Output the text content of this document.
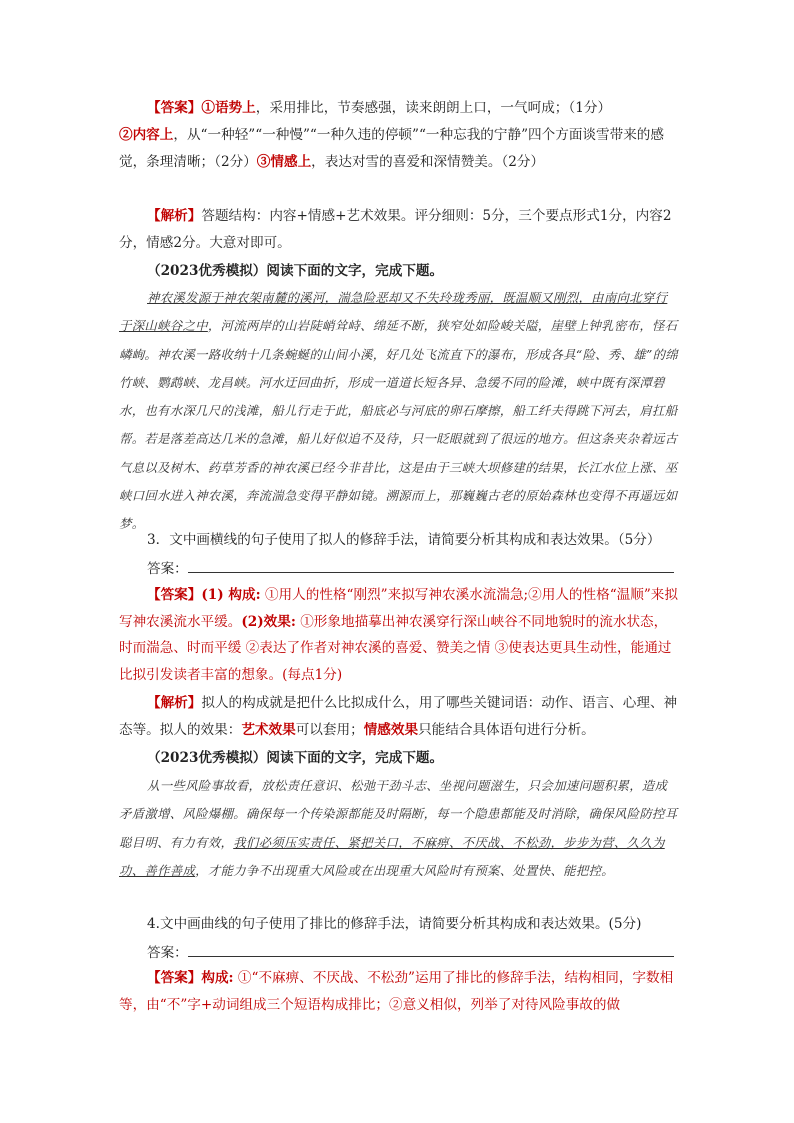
【答案】①语势上，采用排比，节奏感强，读来朗朗上口，一气呵成；（1分）
②内容上，从“一种轻”“一种慢”“一种久违的停顿”“一种忘我的宁静”四个方面谈雪带来的感觉，条理清晰；（2分）③情感上，表达对雪的喜爱和深情赞美。（2分）
【解析】答题结构：内容+情感+艺术效果。评分细则：5分，三个要点形式1分，内容2分，情感2分。大意对即可。
（2023优秀模拟）阅读下面的文字，完成下题。
神农溪发源于神农架南麓的溪河，湍急险恶却又不失玲珑秀丽，既温顺又刚烈，由南向北穿行于深山峡谷之中，河流两岸的山岩陡峭耸峙、绵延不断，狭窄处如险峻关隘，崖壁上钟乳密布，怪石嶙峋。神农溪一路收纳十几条蜿蜒的山间小溪，好几处飞流直下的瀑布，形成各具“险、秀、雄”的绵竹峡、鹦鹉峡、龙昌峡。河水迂回曲折，形成一道道长短各异、急缓不同的险滩，峡中既有深潭碧水，也有水深几尺的浅滩，船儿行走于此，船底必与河底的卵石摩擦，船工纤夫得跳下河去，肩扛船帮。若是落差高达几米的急滩，船儿好似追不及待，只一眨眼就到了很远的地方。但这条夹杂着远古气息以及树木、药草芳香的神农溪已经今非昔比，这是由于三峡大坝修建的结果，长江水位上涨、巫峡口回水进入神农溪，奔流湍急变得平静如镜。溯源而上，那巍巍古老的原始森林也变得不再遥远如梦。
3．文中画横线的句子使用了拟人的修辞手法，请简要分析其构成和表达效果。（5分）
答案：
【答案】(1) 构成: ①用人的性格“刚烈”来拟写神农溪水流湍急;②用人的性格“温顺”来拟写神农溪流水平缓。(2)效果: ①形象地描摹出神农溪穿行深山峡谷不同地貌时的流水状态，时而湍急、时而平缓 ②表达了作者对神农溪的喜爱、赞美之情 ③使表达更具生动性，能通过比拟引发读者丰富的想象。(每点1分)
【解析】拟人的构成就是把什么比拟成什么，用了哪些关键词语：动作、语言、心理、神态等。拟人的效果：艺术效果可以套用；情感效果只能结合具体语句进行分析。
（2023优秀模拟）阅读下面的文字，完成下题。
从一些风险事故看，放松责任意识、松弛干劲斗志、坐视问题滋生，只会加速问题积累，造成矛盾激增、风险爆棚。确保每一个传染源都能及时隔断，每一个隐患都能及时消除，确保风险防控耳聪目明、有力有效，我们必须压实责任、紧把关口，不麻痹、不厌战、不松劲，步步为营、久久为功、善作善成，才能力争不出现重大风险或在出现重大风险时有预案、处置快、能把控。
4.文中画曲线的句子使用了排比的修辞手法，请简要分析其构成和表达效果。(5分)
答案：
【答案】构成: ①“不麻痹、不厌战、不松劲”运用了排比的修辞手法，结构相同，字数相等，由“不”字+动词组成三个短语构成排比；②意义相似，列举了对待风险事故的做
